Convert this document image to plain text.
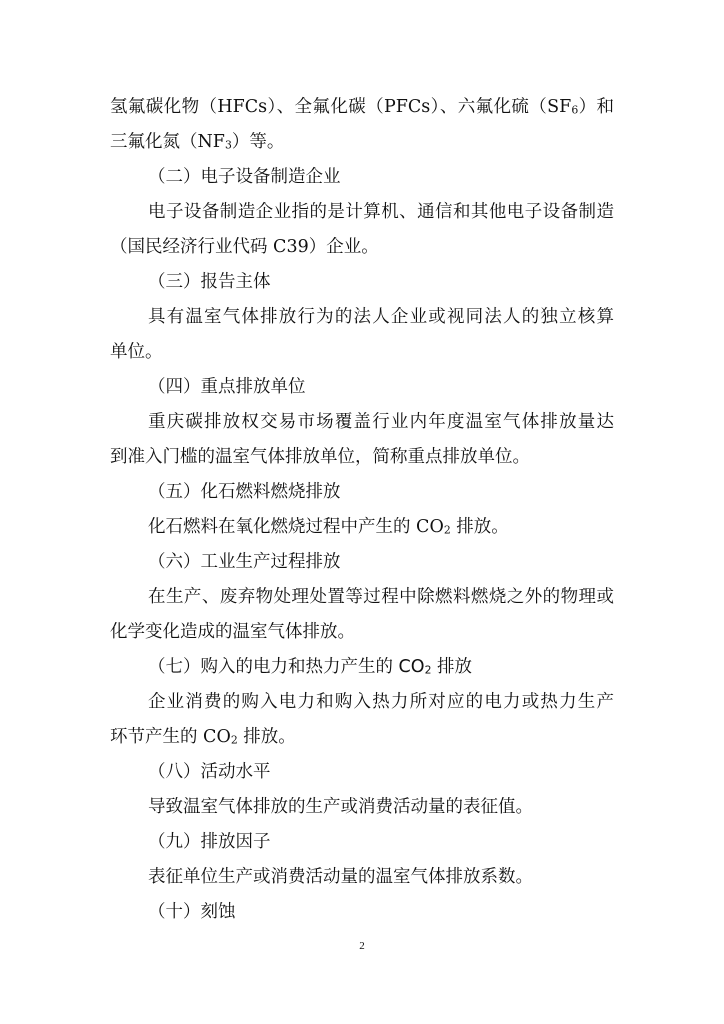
氢氟碳化物（HFCs）、全氟化碳（PFCs）、六氟化硫（SF6）和
三氟化氮（NF3）等。
（二）电子设备制造企业
电子设备制造企业指的是计算机、通信和其他电子设备制造
（国民经济行业代码 C39）企业。
（三）报告主体
具有温室气体排放行为的法人企业或视同法人的独立核算
单位。
（四）重点排放单位
重庆碳排放权交易市场覆盖行业内年度温室气体排放量达
到准入门槛的温室气体排放单位，简称重点排放单位。
（五）化石燃料燃烧排放
化石燃料在氧化燃烧过程中产生的 CO2 排放。
（六）工业生产过程排放
在生产、废弃物处理处置等过程中除燃料燃烧之外的物理或
化学变化造成的温室气体排放。
（七）购入的电力和热力产生的 CO2 排放
企业消费的购入电力和购入热力所对应的电力或热力生产
环节产生的 CO2 排放。
（八）活动水平
导致温室气体排放的生产或消费活动量的表征值。
（九）排放因子
表征单位生产或消费活动量的温室气体排放系数。
（十）刻蚀
2
